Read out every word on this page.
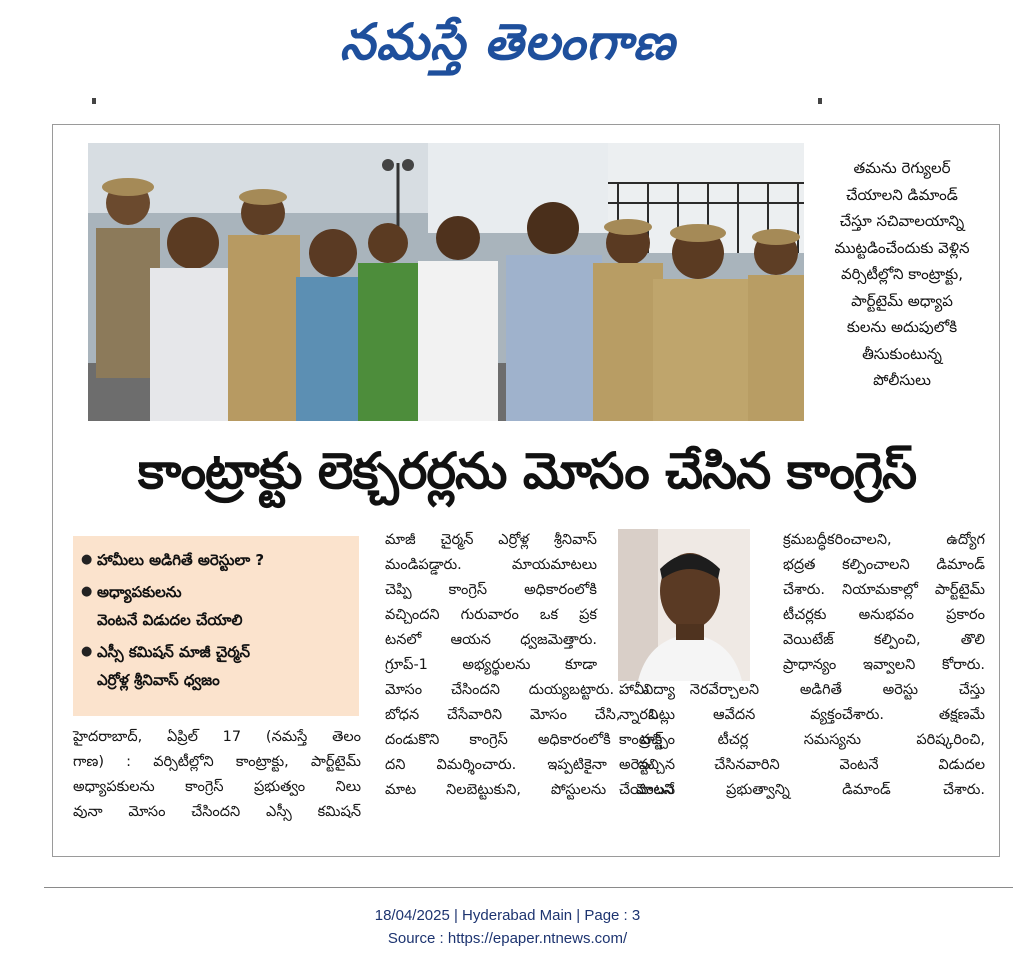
నమస్తే తెలంగాణ
తమను రెగ్యులర్
చేయాలని డిమాండ్
చేస్తూ సచివాలయాన్ని
ముట్టడించేందుకు వెళ్లిన
వర్సిటీల్లోని కాంట్రాక్టు,
పార్ట్‌టైమ్ అధ్యాప
కులను అదుపులోకి
తీసుకుంటున్న
పోలీసులు
కాంట్రాక్టు లెక్చరర్లను మోసం చేసిన కాంగ్రెస్
● హామీలు అడిగితే అరెస్టులా ?
● అధ్యాపకులను
వెంటనే విడుదల చేయాలి
● ఎస్సీ కమిషన్ మాజీ చైర్మన్
ఎర్రోళ్ల శ్రీనివాస్ ధ్వజం

హైదరాబాద్, ఏప్రిల్ 17 (నమస్తే తెలం

గాణ) : వర్సిటీల్లోని కాంట్రాక్టు, పార్ట్‌టైమ్

అధ్యాపకులను కాంగ్రెస్ ప్రభుత్వం నిలు

వునా మోసం చేసిందని ఎస్సీ కమిషన్

మాజీ చైర్మన్ ఎర్రోళ్ల శ్రీనివాస్

మండిపడ్డారు. మాయమాటలు

చెప్పి కాంగ్రెస్ అధికారంలోకి

వచ్చిందని గురువారం ఒక ప్రక

టనలో ఆయన ధ్వజమెత్తారు.

గ్రూప్-1 అభ్యర్థులను కూడా

మోసం చేసిందని దుయ్యబట్టారు. విద్యా

బోధన చేసేవారిని మోసం చేసి, ఓట్లు

దండుకొని కాంగ్రెస్ అధికారంలోకి వచ్చిం

దని విమర్శించారు. ఇప్పటికైనా ఇచ్చిన

మాట నిలబెట్టుకుని, పోస్టులను వెంటనే

క్రమబద్ధీకరించాలని, ఉద్యోగ

భద్రత కల్పించాలని డిమాండ్

చేశారు. నియామకాల్లో పార్ట్‌టైమ్

టీచర్లకు అనుభవం ప్రకారం

వెయిటేజ్ కల్పించి, తొలి

ప్రాధాన్యం ఇవ్వాలని కోరారు.

హామీ నెరవేర్చాలని అడిగితే అరెస్టు చేస్తు

న్నారని ఆవేదన వ్యక్తంచేశారు. తక్షణమే

కాంట్రాక్ట్ టీచర్ల సమస్యను పరిష్కరించి,

అరెస్టు చేసినవారిని వెంటనే విడుదల

చేయాలని ప్రభుత్వాన్ని డిమాండ్ చేశారు.

18/04/2025 | Hyderabad Main | Page : 3
Source : https://epaper.ntnews.com/
